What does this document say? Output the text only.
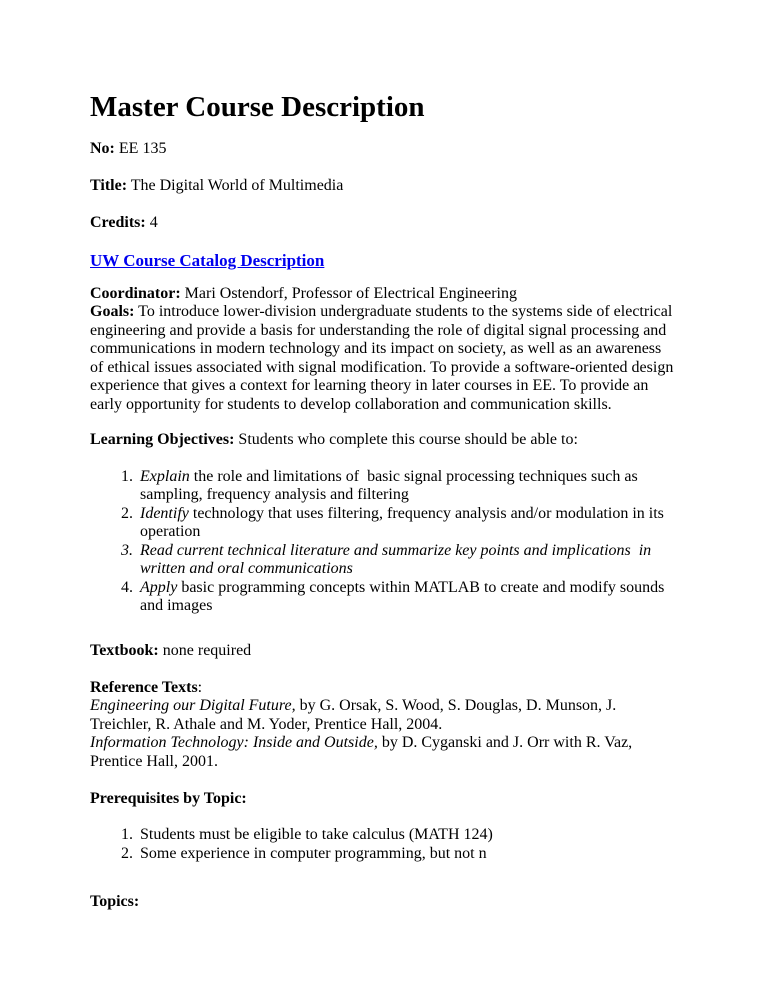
Master Course Description

No: EE 135

Title: The Digital World of Multimedia

Credits: 4

UW Course Catalog Description

Coordinator: Mari Ostendorf, Professor of Electrical Engineering

Goals: To introduce lower-division undergraduate students to the systems side of electrical engineering and provide a basis for understanding the role of digital signal processing and communications in modern technology and its impact on society, as well as an awareness of ethical issues associated with signal modification. To provide a software-oriented design experience that gives a context for learning theory in later courses in EE. To provide an early opportunity for students to develop collaboration and communication skills.

Learning Objectives: Students who complete this course should be able to:

1. Explain the role and limitations of  basic signal processing techniques such as sampling, frequency analysis and filtering
2. Identify technology that uses filtering, frequency analysis and/or modulation in its operation
3. Read current technical literature and summarize key points and implications  in written and oral communications
4. Apply basic programming concepts within MATLAB to create and modify sounds and images

Textbook: none required

Reference Texts:

Engineering our Digital Future, by G. Orsak, S. Wood, S. Douglas, D. Munson, J. Treichler, R. Athale and M. Yoder, Prentice Hall, 2004.

Information Technology: Inside and Outside, by D. Cyganski and J. Orr with R. Vaz, Prentice Hall, 2001.

Prerequisites by Topic:

1. Students must be eligible to take calculus (MATH 124)
2. Some experience in computer programming, but not n

Topics:
